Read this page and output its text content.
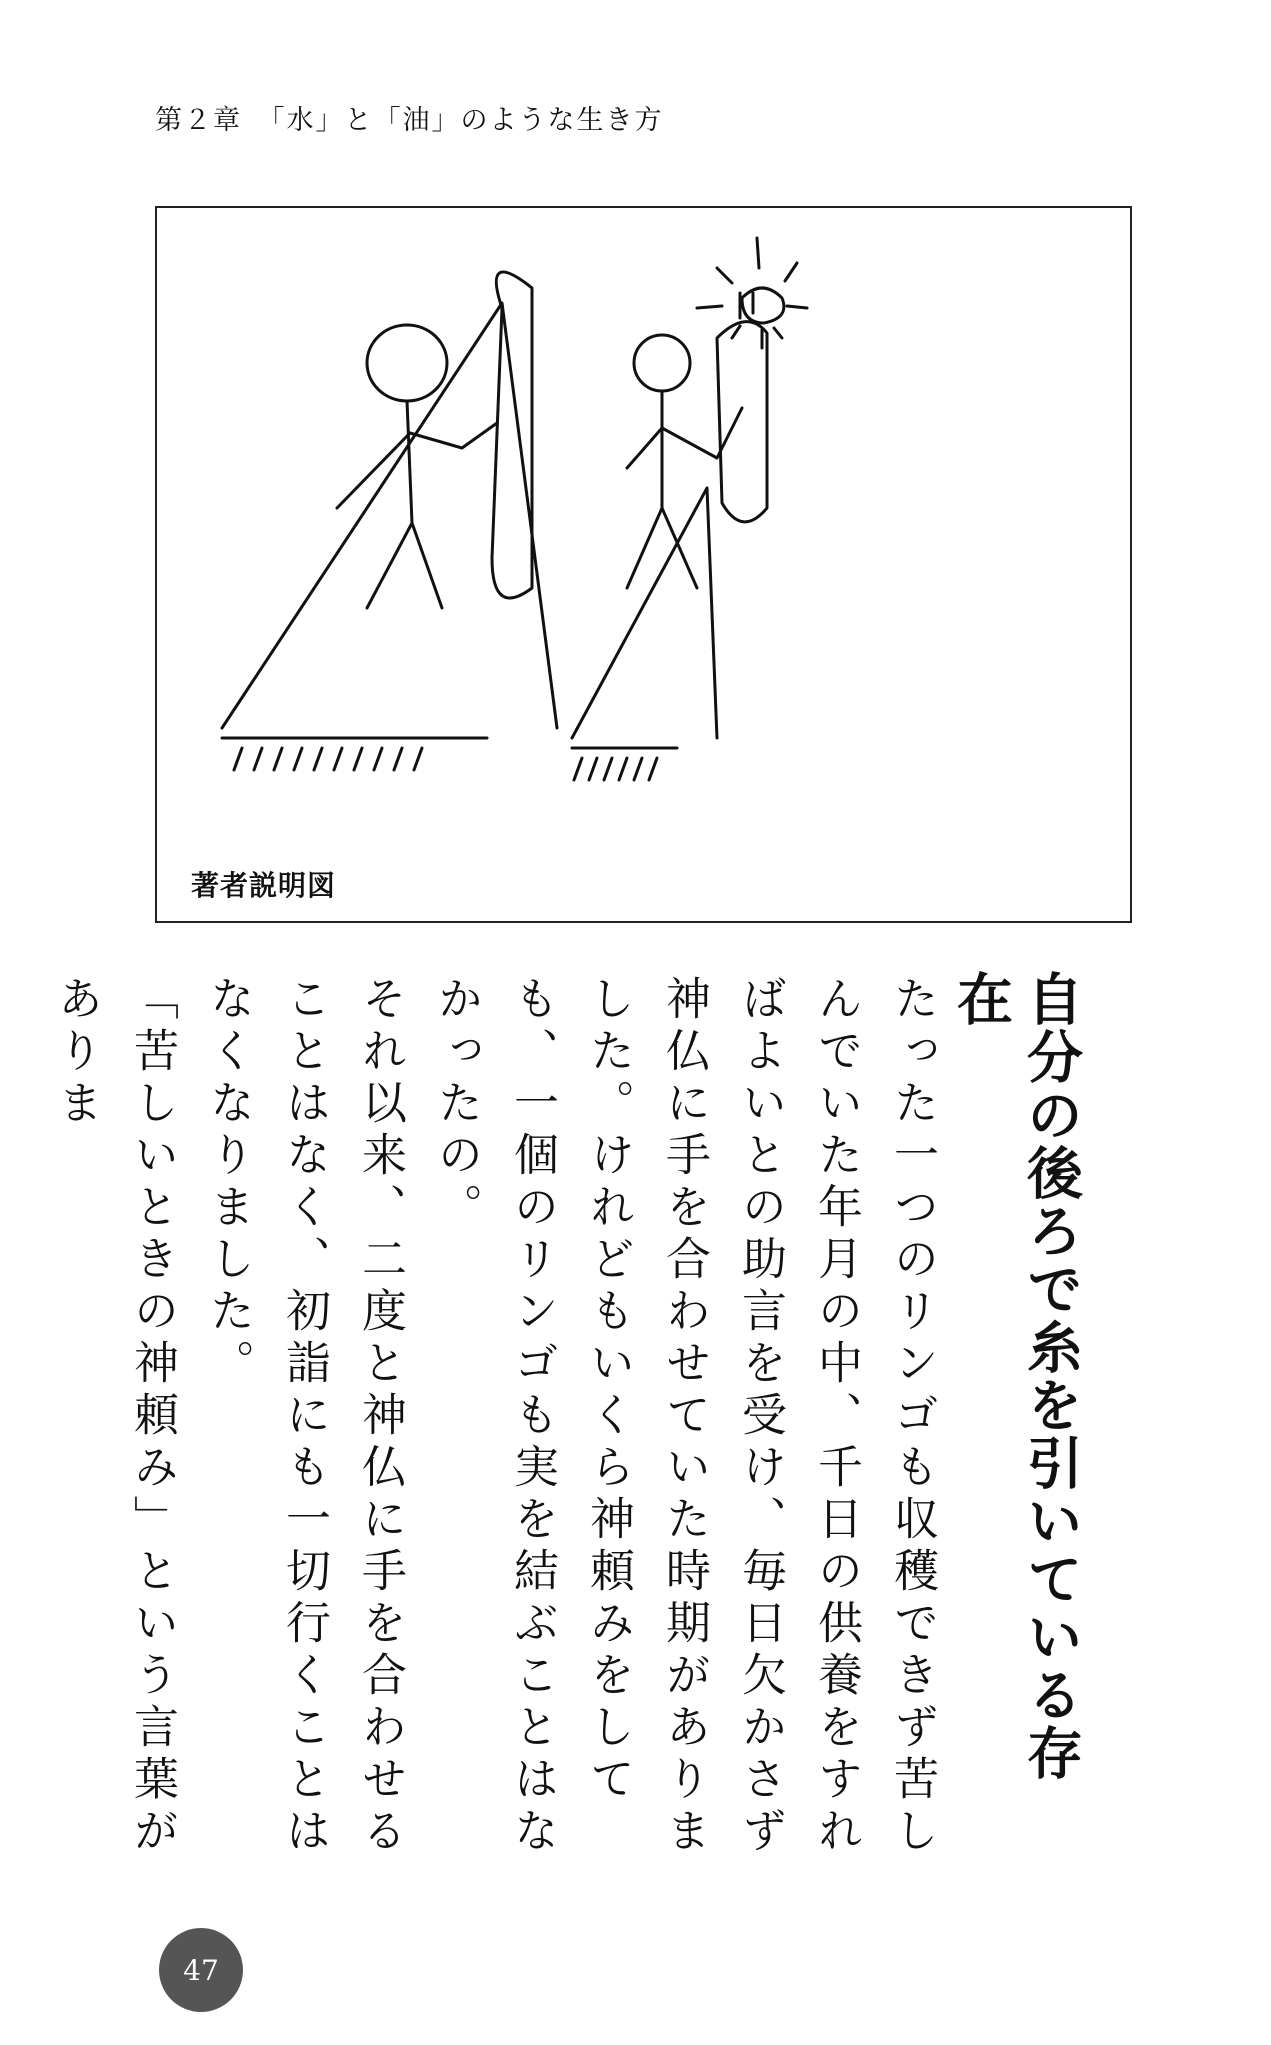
第２章　「水」と「油」のような生き方
著者説明図
自分の後ろで糸を引いている存在

たった一つのリンゴも収穫できず苦しんでいた年月の中、千日の供養をすればよいとの助言を受け、毎日欠かさず神仏に手を合わせていた時期がありました。けれどもいくら神頼みをしても、一個のリンゴも実を結ぶことはなかったの。

それ以来、二度と神仏に手を合わせることはなく、初詣にも一切行くことはなくなりました。

「苦しいときの神頼み」という言葉がありま

47
